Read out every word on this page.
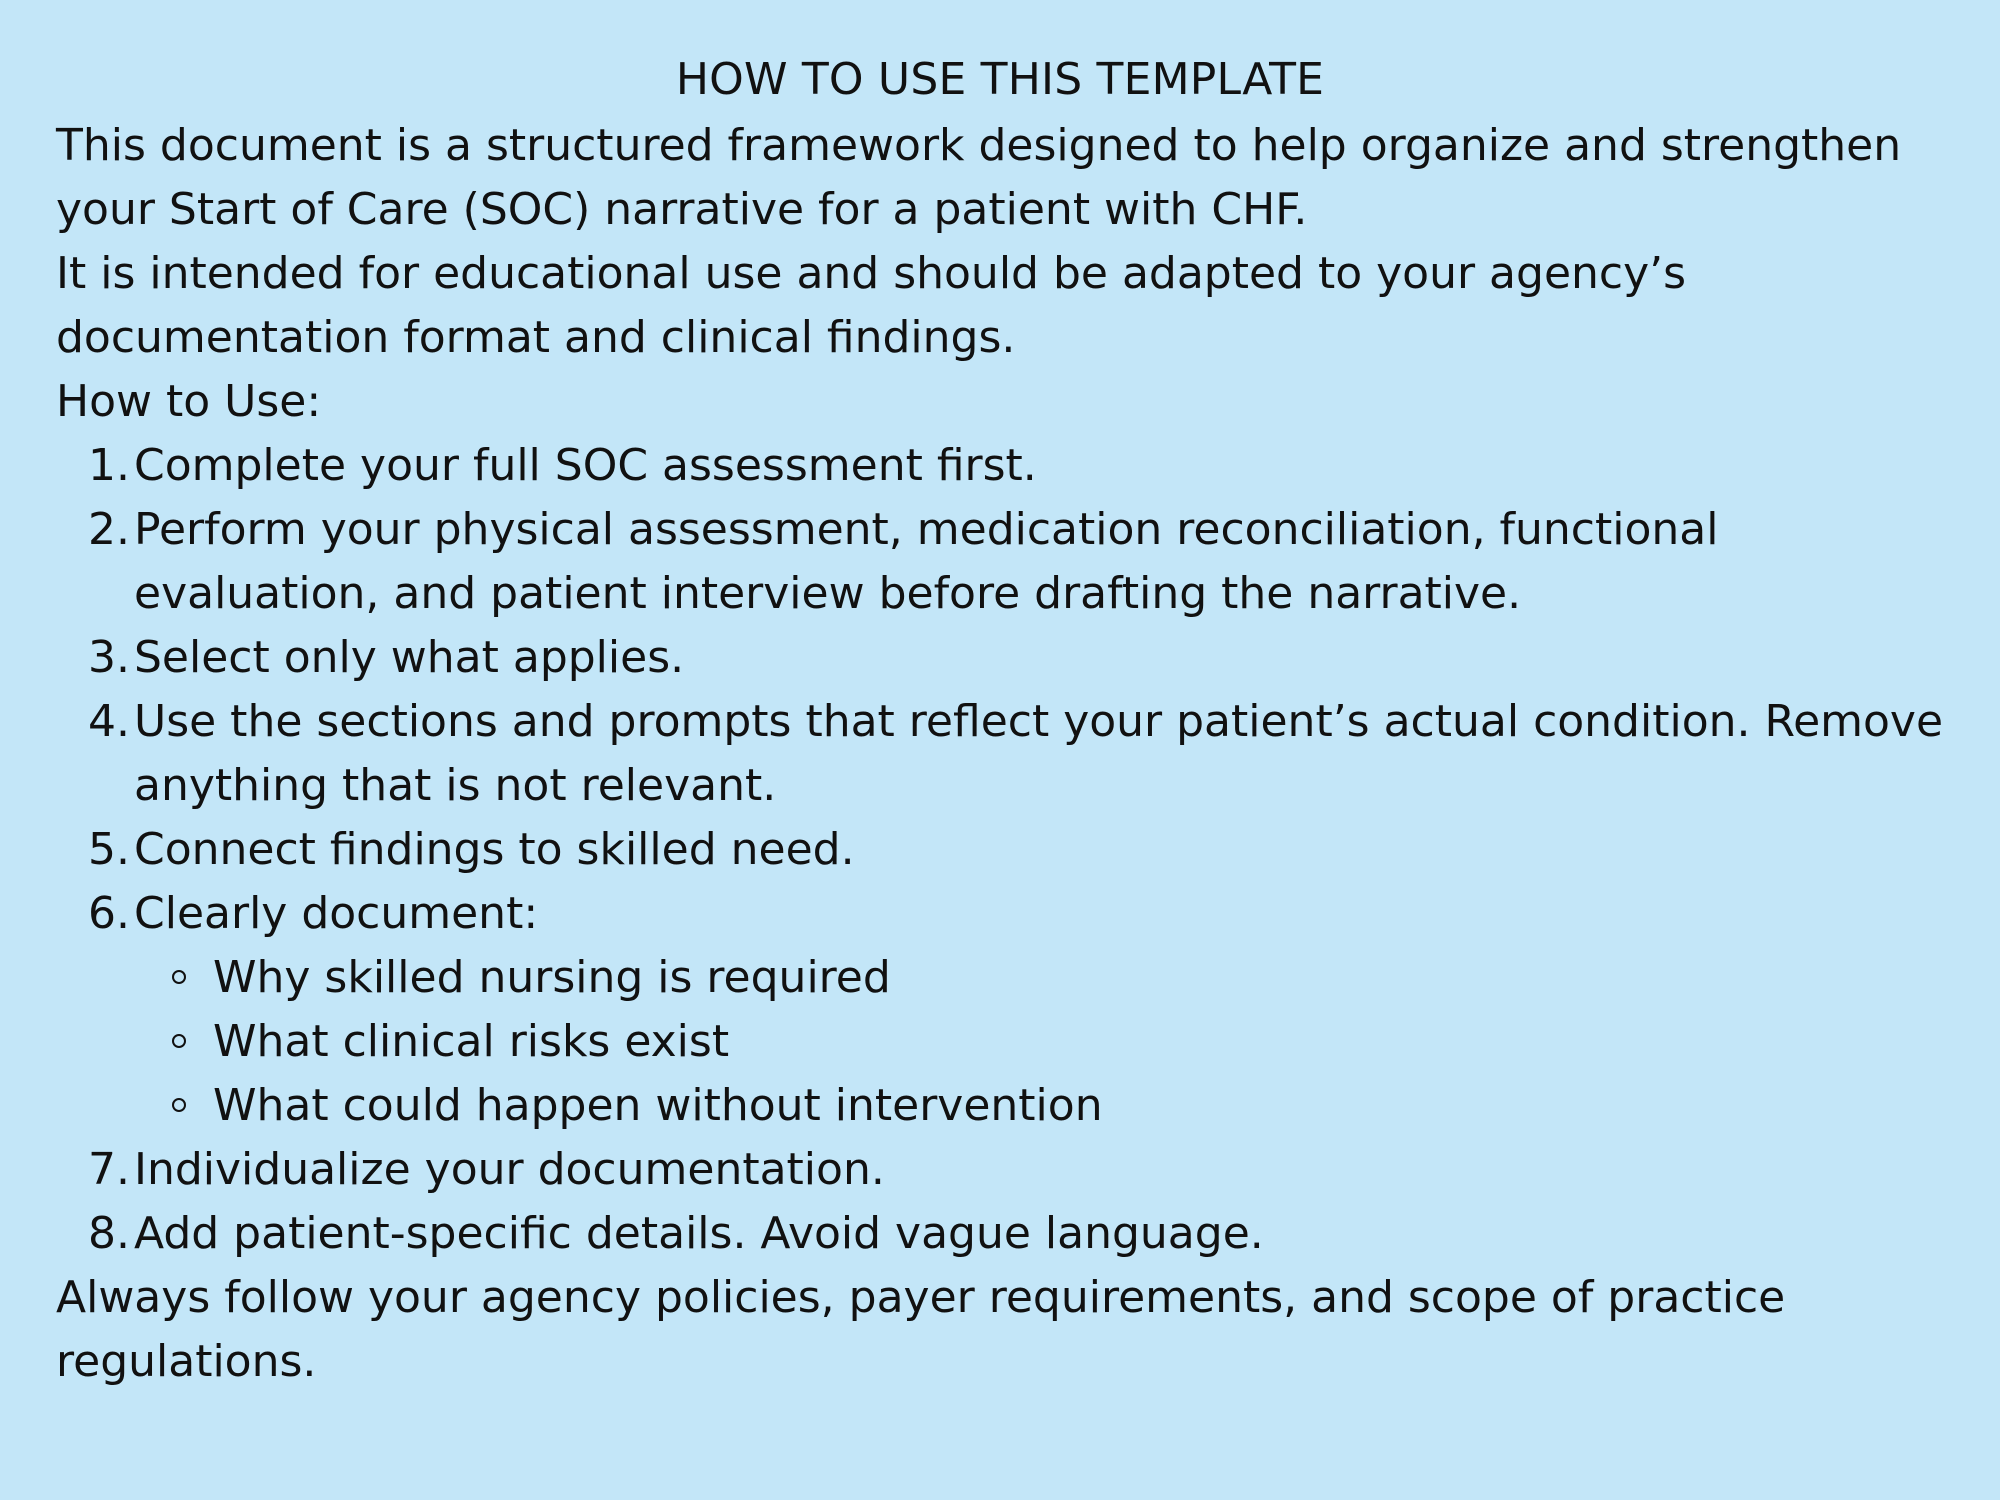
HOW TO USE THIS TEMPLATE

This document is a structured framework designed to help organize and strengthen your Start of Care (SOC) narrative for a patient with CHF.

It is intended for educational use and should be adapted to your agency’s documentation format and clinical findings.

How to Use:

1. Complete your full SOC assessment first.
2. Perform your physical assessment, medication reconciliation, functional evaluation, and patient interview before drafting the narrative.
3. Select only what applies.
4. Use the sections and prompts that reflect your patient’s actual condition. Remove anything that is not relevant.
5. Connect findings to skilled need.
6. Clearly document:
Why skilled nursing is required
What clinical risks exist
What could happen without intervention
7. Individualize your documentation.
8. Add patient-specific details. Avoid vague language.

Always follow your agency policies, payer requirements, and scope of practice regulations.
